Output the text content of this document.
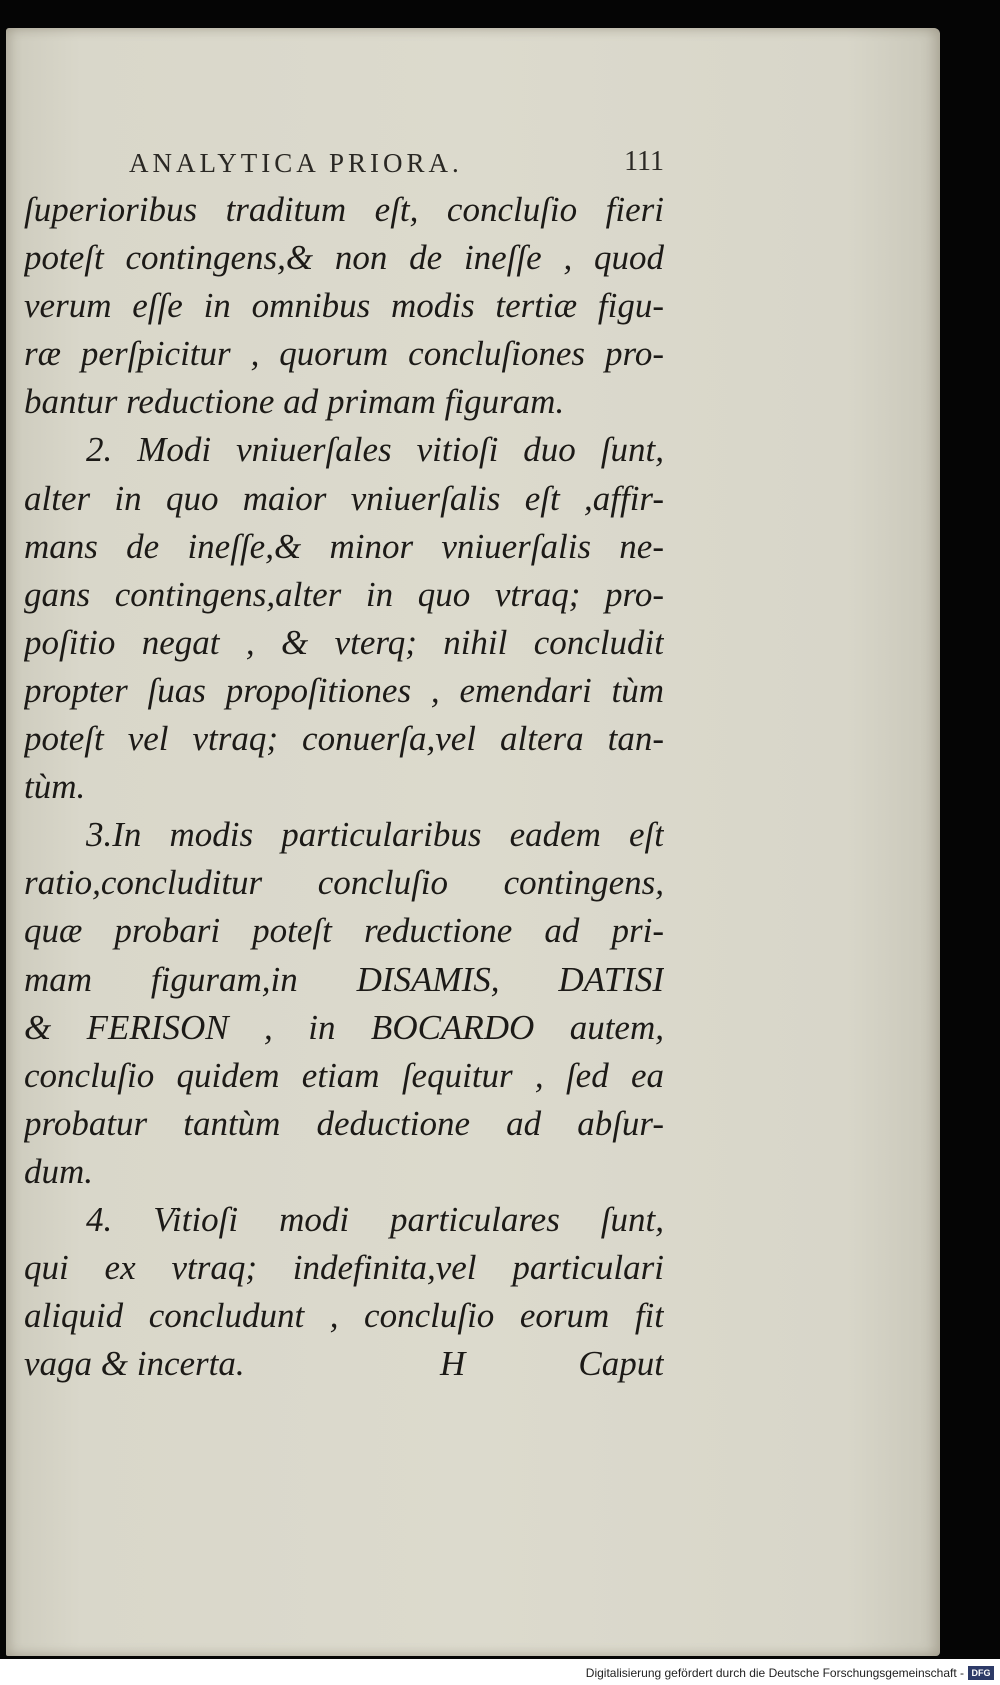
ANALYTICA PRIORA.	111
ſuperioribus traditum eſt, concluſio fieri
poteſt contingens,& non de ineſſe , quod
verum eſſe in omnibus modis tertiæ figu-
ræ perſpicitur , quorum concluſiones pro-
bantur reductione ad primam figuram.
2. Modi vniuerſales vitioſi duo ſunt,
alter in quo maior vniuerſalis eſt ,affir-
mans de ineſſe,& minor vniuerſalis ne-
gans contingens,alter in quo vtraq; pro-
poſitio negat , & vterq; nihil concludit
propter ſuas propoſitiones , emendari tùm
poteſt vel vtraq; conuerſa,vel altera tan-
tùm.
3.In modis particularibus eadem eſt
ratio,concluditur concluſio contingens,
quæ probari poteſt reductione ad pri-
mam figuram,in DISAMIS, DATISI
& FERISON , in BOCARDO autem,
concluſio quidem etiam ſequitur , ſed ea
probatur tantùm deductione ad abſur-
dum.
4. Vitioſi modi particulares ſunt,
qui ex vtraq; indefinita,vel particulari
aliquid concludunt , concluſio eorum fit
vaga & incerta.	H	Caput
Digitalisierung gefördert durch die Deutsche Forschungsgemeinschaft - DFG
